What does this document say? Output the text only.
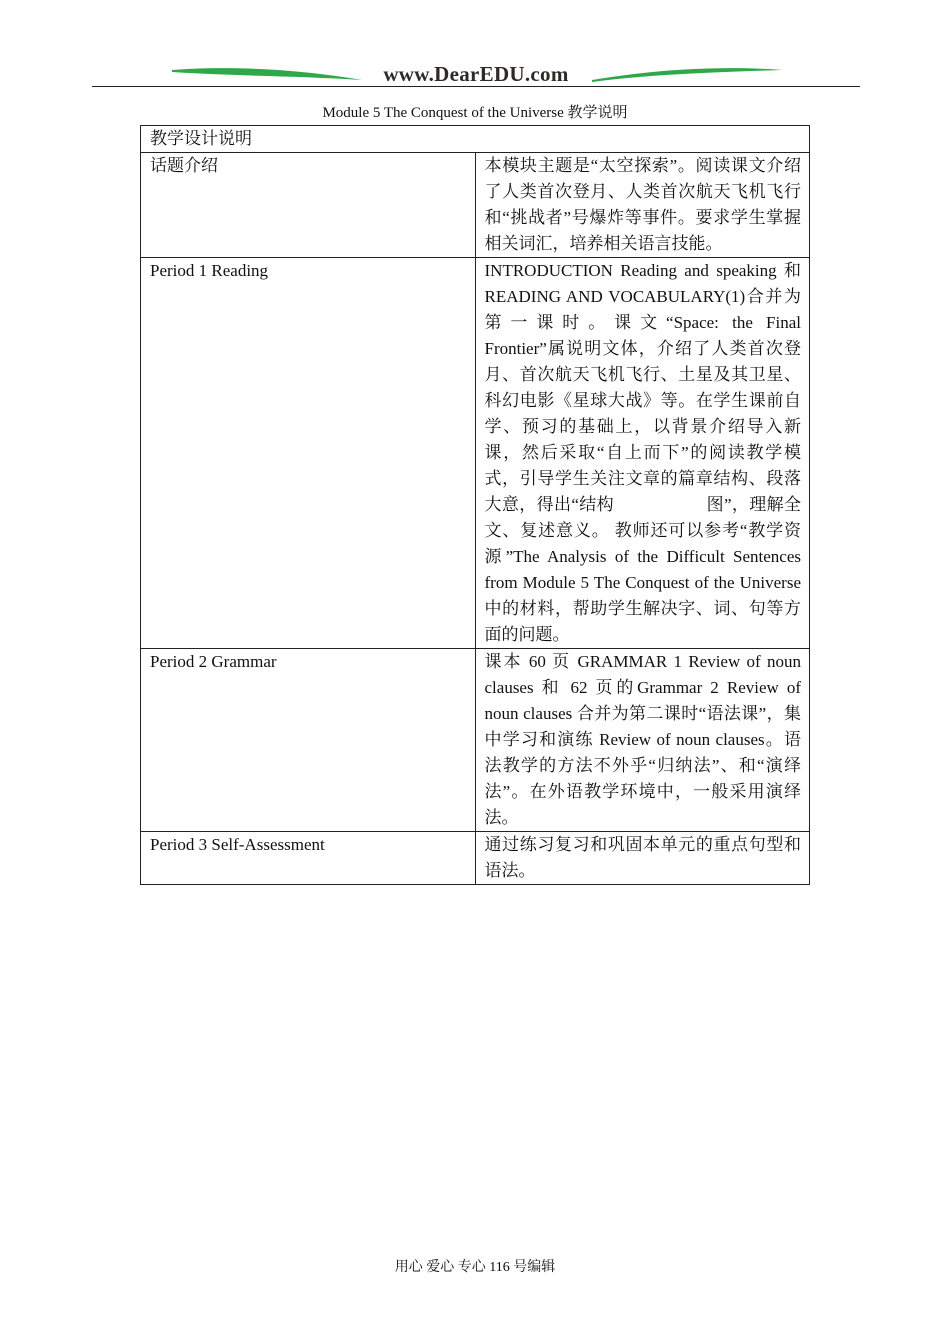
www.DearEDU.com
Module 5 The Conquest of the Universe 教学说明
教学设计说明	
话题介绍	本模块主题是“太空探索”。阅读课文介绍了人类首次登月、人类首次航天飞机飞行和“挑战者”号爆炸等事件。要求学生掌握相关词汇，培养相关语言技能。
Period 1 Reading	INTRODUCTION Reading and speaking 和 READING AND VOCABULARY(1)合并为第一课时。课文“Space: the Final Frontier”属说明文体，介绍了人类首次登月、首次航天飞机飞行、土星及其卫星、科幻电影《星球大战》等。在学生课前自学、预习的基础上，以背景介绍导入新课，然后采取“自上而下”的阅读教学模式，引导学生关注文章的篇章结构、段落大意，得出“结构                    图”，理解全文、复述意义。 教师还可以参考“教学资源”The Analysis of the Difficult Sentences from Module 5 The Conquest of the Universe 中的材料，帮助学生解决字、词、句等方面的问题。
Period 2 Grammar	课本 60 页 GRAMMAR 1 Review of noun clauses 和 62 页的Grammar 2 Review of noun clauses 合并为第二课时“语法课”，集中学习和演练 Review of noun clauses。语法教学的方法不外乎“归纳法”、和“演绎法”。在外语教学环境中，一般采用演绎法。
Period 3 Self-Assessment	通过练习复习和巩固本单元的重点句型和语法。
用心 爱心 专心 116 号编辑
